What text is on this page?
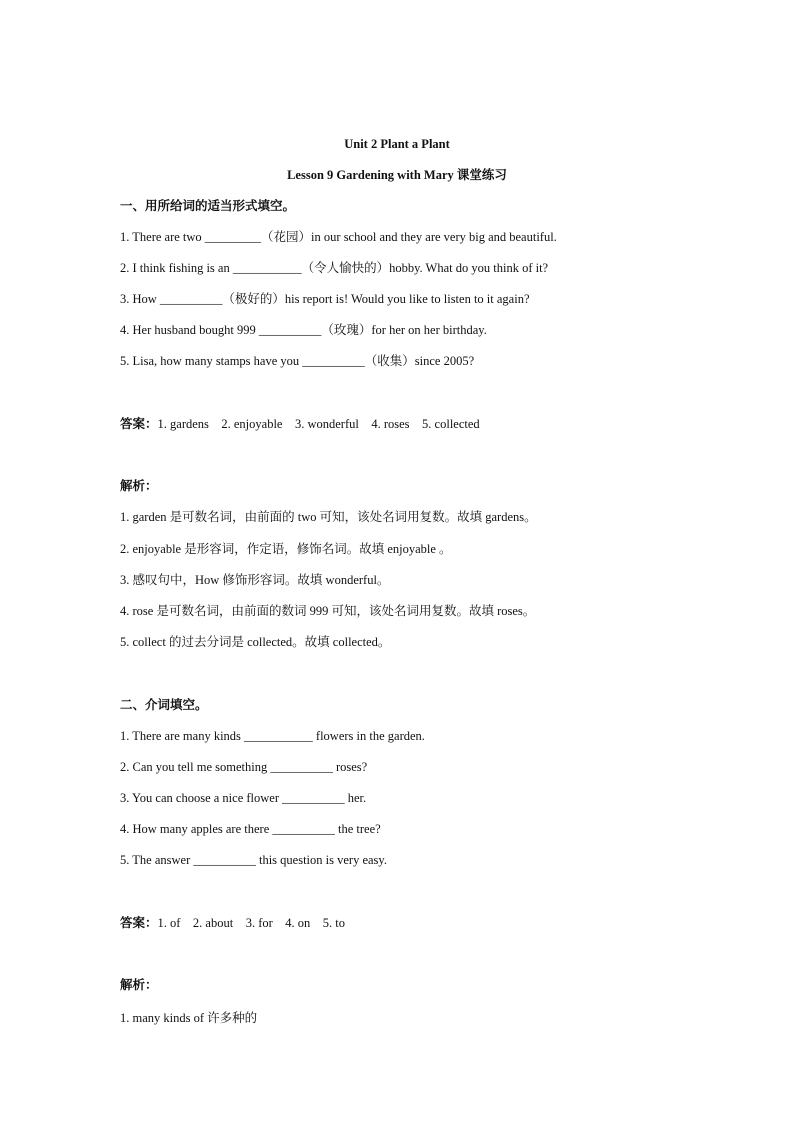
Unit 2 Plant a Plant
Lesson 9 Gardening with Mary 课堂练习
一、用所给词的适当形式填空。
1. There are two _________（花园）in our school and they are very big and beautiful.
2. I think fishing is an ___________（令人愉快的）hobby. What do you think of it?
3. How __________（极好的）his report is! Would you like to listen to it again?
4. Her husband bought 999 __________（玫瑰）for her on her birthday.
5. Lisa, how many stamps have you __________（收集）since 2005?
答案：1. gardens　2. enjoyable　3. wonderful　4. roses　5. collected
解析：
1. garden 是可数名词，由前面的 two 可知，该处名词用复数。故填 gardens。
2. enjoyable 是形容词，作定语，修饰名词。故填 enjoyable 。
3. 感叹句中，How 修饰形容词。故填 wonderful。
4. rose 是可数名词，由前面的数词 999 可知，该处名词用复数。故填 roses。
5. collect 的过去分词是 collected。故填 collected。
二、介词填空。
1. There are many kinds ___________ flowers in the garden.
2. Can you tell me something __________ roses?
3. You can choose a nice flower __________ her.
4. How many apples are there __________ the tree?
5. The answer __________ this question is very easy.
答案：1. of　2. about　3. for　4. on　5. to
解析：
1. many kinds of 许多种的
